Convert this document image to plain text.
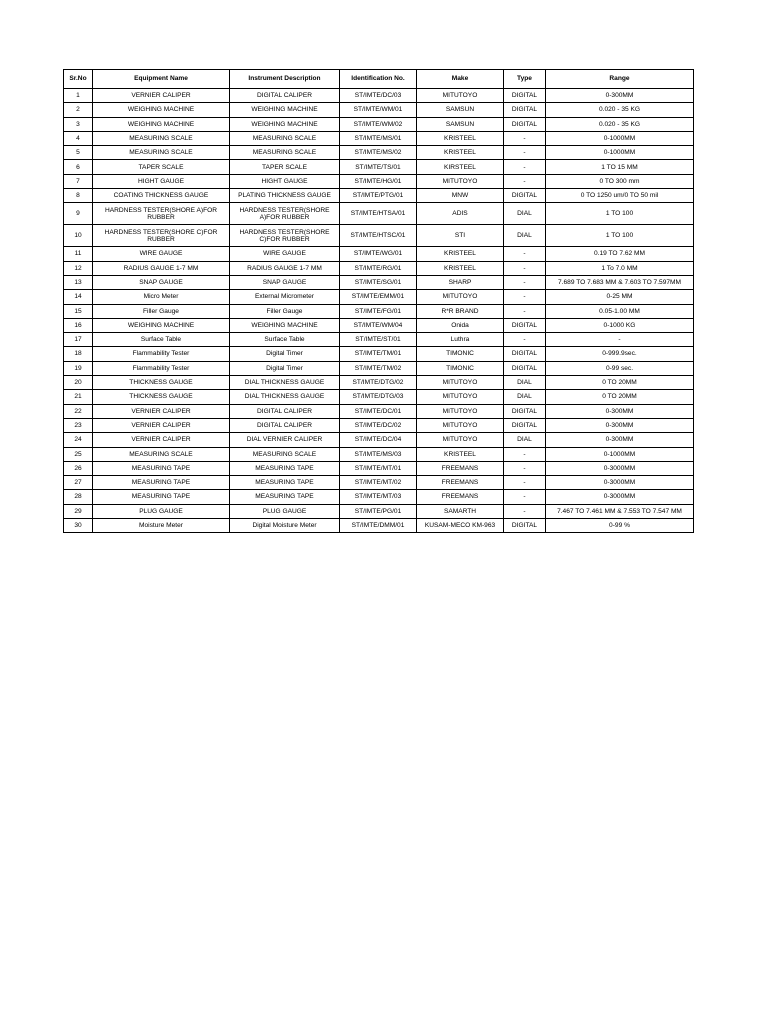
Sr.No	Equipment Name	Instrument Description	Identification No.	Make	Type	Range
1	VERNIER CALIPER	DIGITAL CALIPER	ST/IMTE/DC/03	MITUTOYO	DIGITAL	0-300MM
2	WEIGHING MACHINE	WEIGHING MACHINE	ST/IMTE/WM/01	SAMSUN	DIGITAL	0.020 - 35 KG
3	WEIGHING MACHINE	WEIGHING MACHINE	ST/IMTE/WM/02	SAMSUN	DIGITAL	0.020 - 35 KG
4	MEASURING SCALE	MEASURING SCALE	ST/IMTE/MS/01	KRISTEEL	-	0-1000MM
5	MEASURING SCALE	MEASURING SCALE	ST/IMTE/MS/02	KRISTEEL	-	0-1000MM
6	TAPER SCALE	TAPER SCALE	ST/IMTE/TS/01	KIRSTEEL	-	1 TO 15 MM
7	HIGHT GAUGE	HIGHT GAUGE	ST/IMTE/HG/01	MITUTOYO	-	0 TO 300 mm
8	COATING THICKNESS GAUGE	PLATING THICKNESS GAUGE	ST/IMTE/PTG/01	MNW	DIGITAL	0 TO 1250 um/0 TO 50 mil
9	HARDNESS TESTER(SHORE A)FOR RUBBER	HARDNESS TESTER(SHORE A)FOR RUBBER	ST/IMTE/HTSA/01	ADIS	DIAL	1 TO 100
10	HARDNESS TESTER(SHORE C)FOR RUBBER	HARDNESS TESTER(SHORE C)FOR RUBBER	ST/IMTE/HTSC/01	STI	DIAL	1 TO 100
11	WIRE GAUGE	WIRE GAUGE	ST/IMTE/WG/01	KRISTEEL	-	0.19 TO 7.62 MM
12	RADIUS GAUGE 1-7 MM	RADIUS GAUGE 1-7 MM	ST/IMTE/RG/01	KRISTEEL	-	1 To 7.0 MM
13	SNAP GAUGE	SNAP GAUGE	ST/IMTE/SG/01	SHARP	-	7.689 TO 7.683 MM & 7.603 TO 7.597MM
14	Micro Meter	External Micrometer	ST/IMTE/EMM/01	MITUTOYO	-	0-25 MM
15	Filler Gauge	Filler Gauge	ST/IMTE/FG/01	R*R BRAND	-	0.05-1.00 MM
16	WEIGHING MACHINE	WEIGHING MACHINE	ST/IMTE/WM/04	Onida	DIGITAL	0-1000 KG
17	Surface Table	Surface Table	ST/IMTE/ST/01	Luthra	-	-
18	Flammability Tester	Digital Timer	ST/IMTE/TM/01	TIMONIC	DIGITAL	0-999.9sec.
19	Flammability Tester	Digital Timer	ST/IMTE/TM/02	TIMONIC	DIGITAL	0-99 sec.
20	THICKNESS GAUGE	DIAL THICKNESS GAUGE	ST/IMTE/DTG/02	MITUTOYO	DIAL	0 TO 20MM
21	THICKNESS GAUGE	DIAL THICKNESS GAUGE	ST/IMTE/DTG/03	MITUTOYO	DIAL	0 TO 20MM
22	VERNIER CALIPER	DIGITAL CALIPER	ST/IMTE/DC/01	MITUTOYO	DIGITAL	0-300MM
23	VERNIER CALIPER	DIGITAL CALIPER	ST/IMTE/DC/02	MITUTOYO	DIGITAL	0-300MM
24	VERNIER CALIPER	DIAL VERNIER CALIPER	ST/IMTE/DC/04	MITUTOYO	DIAL	0-300MM
25	MEASURING SCALE	MEASURING SCALE	ST/IMTE/MS/03	KRISTEEL	-	0-1000MM
26	MEASURING TAPE	MEASURING TAPE	ST/IMTE/MT/01	FREEMANS	-	0-3000MM
27	MEASURING TAPE	MEASURING TAPE	ST/IMTE/MT/02	FREEMANS	-	0-3000MM
28	MEASURING TAPE	MEASURING TAPE	ST/IMTE/MT/03	FREEMANS	-	0-3000MM
29	PLUG GAUGE	PLUG GAUGE	ST/IMTE/PG/01	SAMARTH	-	7.467 TO 7.461 MM & 7.553 TO 7.547 MM
30	Moisture Meter	Digital Moisture Meter	ST/IMTE/DMM/01	KUSAM-MECO KM-963	DIGITAL	0-99 %
